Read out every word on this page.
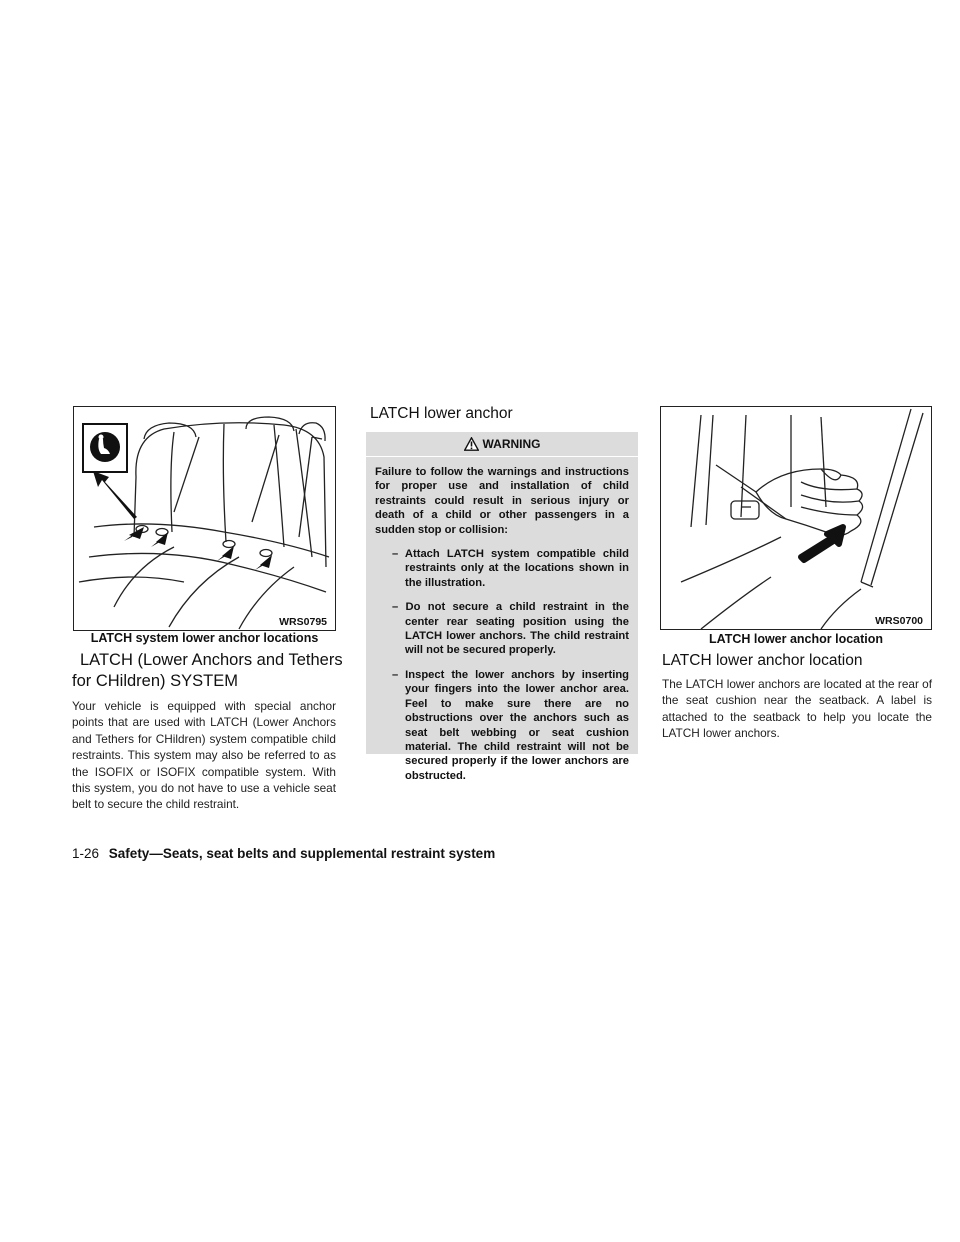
WRS0795
LATCH system lower anchor locations
LATCH (Lower Anchors and Tethers
for CHildren) SYSTEM
Your vehicle is equipped with special anchor points that are used with LATCH (Lower Anchors and Tethers for CHildren) system compatible child restraints. This system may also be referred to as the ISOFIX or ISOFIX compatible system. With this system, you do not have to use a vehicle seat belt to secure the child restraint.
LATCH lower anchor
WARNING
Failure to follow the warnings and instructions for proper use and installation of child restraints could result in serious injury or death of a child or other passengers in a sudden stop or collision:
– Attach LATCH system compatible child restraints only at the locations shown in the illustration.
– Do not secure a child restraint in the center rear seating position using the LATCH lower anchors. The child restraint will not be secured properly.
– Inspect the lower anchors by inserting your fingers into the lower anchor area. Feel to make sure there are no obstructions over the anchors such as seat belt webbing or seat cushion material. The child restraint will not be secured properly if the lower anchors are obstructed.
WRS0700
LATCH lower anchor location
LATCH lower anchor location
The LATCH lower anchors are located at the rear of the seat cushion near the seatback. A label is attached to the seatback to help you locate the LATCH lower anchors.
1-26 Safety—Seats, seat belts and supplemental restraint system
